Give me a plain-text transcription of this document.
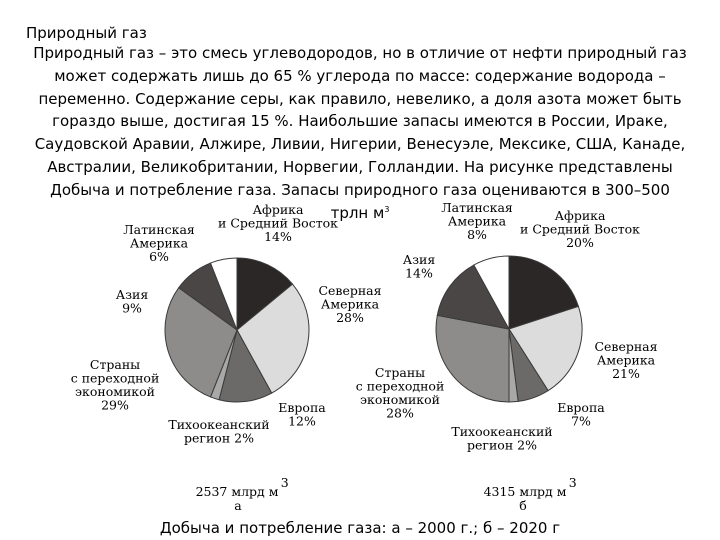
Природный газ
Природный газ – это смесь углеводородов, но в отличие от нефти природный газ может содержать лишь до 65 % углерода по массе: содержание водорода – переменно. Содержание серы, как правило, невелико, а доля азота может быть гораздо выше, достигая 15 %. Наибольшие запасы имеются в России, Ираке, Саудовской Аравии, Алжире, Ливии, Нигерии, Венесуэле, Мексике, США, Канаде, Австралии, Великобритании, Норвегии, Голландии. На рисунке представлены Добыча и потребление газа. Запасы природного газа оцениваются в 300–500 трлн $м^3$
Африка и Средний Восток 14%
Северная Америка 28%
Европа 12%
Тихоокеанский регион 2%
Страны с переходной экономикой 29%
Азия 9%
Латинская Америка 6%
2537 млрд м
3
а
Африка и Средний Восток 20%
Северная Америка 21%
Европа 7%
Тихоокеанский регион 2%
Страны с переходной экономикой 28%
Азия 14%
Латинская Америка 8%
4315 млрд м
3
б
Добыча и потребление газа: а – 2000 г.; б – 2020 г
